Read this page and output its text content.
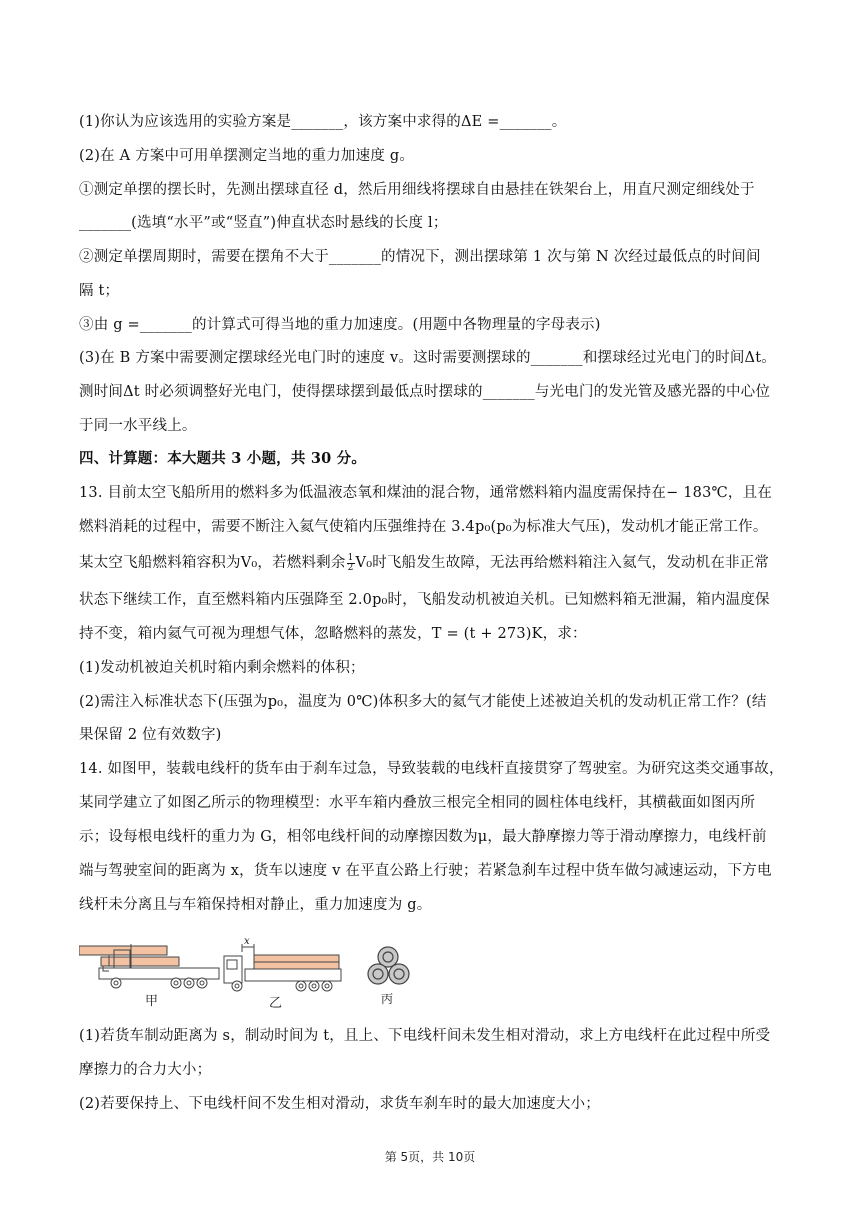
(1)你认为应该选用的实验方案是_______，该方案中求得的ΔE =_______。
(2)在 A 方案中可用单摆测定当地的重力加速度 g。
①测定单摆的摆长时，先测出摆球直径 d，然后用细线将摆球自由悬挂在铁架台上，用直尺测定细线处于
_______(选填“水平”或“竖直”)伸直状态时悬线的长度 l；
②测定单摆周期时，需要在摆角不大于_______的情况下，测出摆球第 1 次与第 N 次经过最低点的时间间
隔 t；
③由 g =_______的计算式可得当地的重力加速度。(用题中各物理量的字母表示)
(3)在 B 方案中需要测定摆球经光电门时的速度 v。这时需要测摆球的_______和摆球经过光电门的时间Δt。
测时间Δt 时必须调整好光电门，使得摆球摆到最低点时摆球的_______与光电门的发光管及感光器的中心位
于同一水平线上。
四、计算题：本大题共 3 小题，共 30 分。
13. 目前太空飞船所用的燃料多为低温液态氧和煤油的混合物，通常燃料箱内温度需保持在− 183℃，且在
燃料消耗的过程中，需要不断注入氦气使箱内压强维持在 3.4p₀(p₀为标准大气压)，发动机才能正常工作。
某太空飞船燃料箱容积为V₀，若燃料剩余 $\frac{1}{2} V_0$时飞船发生故障，无法再给燃料箱注入氦气，发动机在非正常
状态下继续工作，直至燃料箱内压强降至 2.0p₀时，飞船发动机被迫关机。已知燃料箱无泄漏，箱内温度保
持不变，箱内氦气可视为理想气体，忽略燃料的蒸发，T = (t + 273)K，求：
(1)发动机被迫关机时箱内剩余燃料的体积；
(2)需注入标准状态下(压强为p₀，温度为 0℃)体积多大的氦气才能使上述被迫关机的发动机正常工作？(结
果保留 2 位有效数字)
14. 如图甲，装载电线杆的货车由于刹车过急，导致装载的电线杆直接贯穿了驾驶室。为研究这类交通事故，
某同学建立了如图乙所示的物理模型：水平车箱内叠放三根完全相同的圆柱体电线杆，其横截面如图丙所
示；设每根电线杆的重力为 G，相邻电线杆间的动摩擦因数为μ，最大静摩擦力等于滑动摩擦力，电线杆前
端与驾驶室间的距离为 x，货车以速度 v 在平直公路上行驶；若紧急刹车过程中货车做匀减速运动，下方电
线杆未分离且与车箱保持相对静止，重力加速度为 g。
甲
x
乙	丙
(1)若货车制动距离为 s，制动时间为 t，且上、下电线杆间未发生相对滑动，求上方电线杆在此过程中所受
摩擦力的合力大小；
(2)若要保持上、下电线杆间不发生相对滑动，求货车刹车时的最大加速度大小；
第 5页，共 10页
